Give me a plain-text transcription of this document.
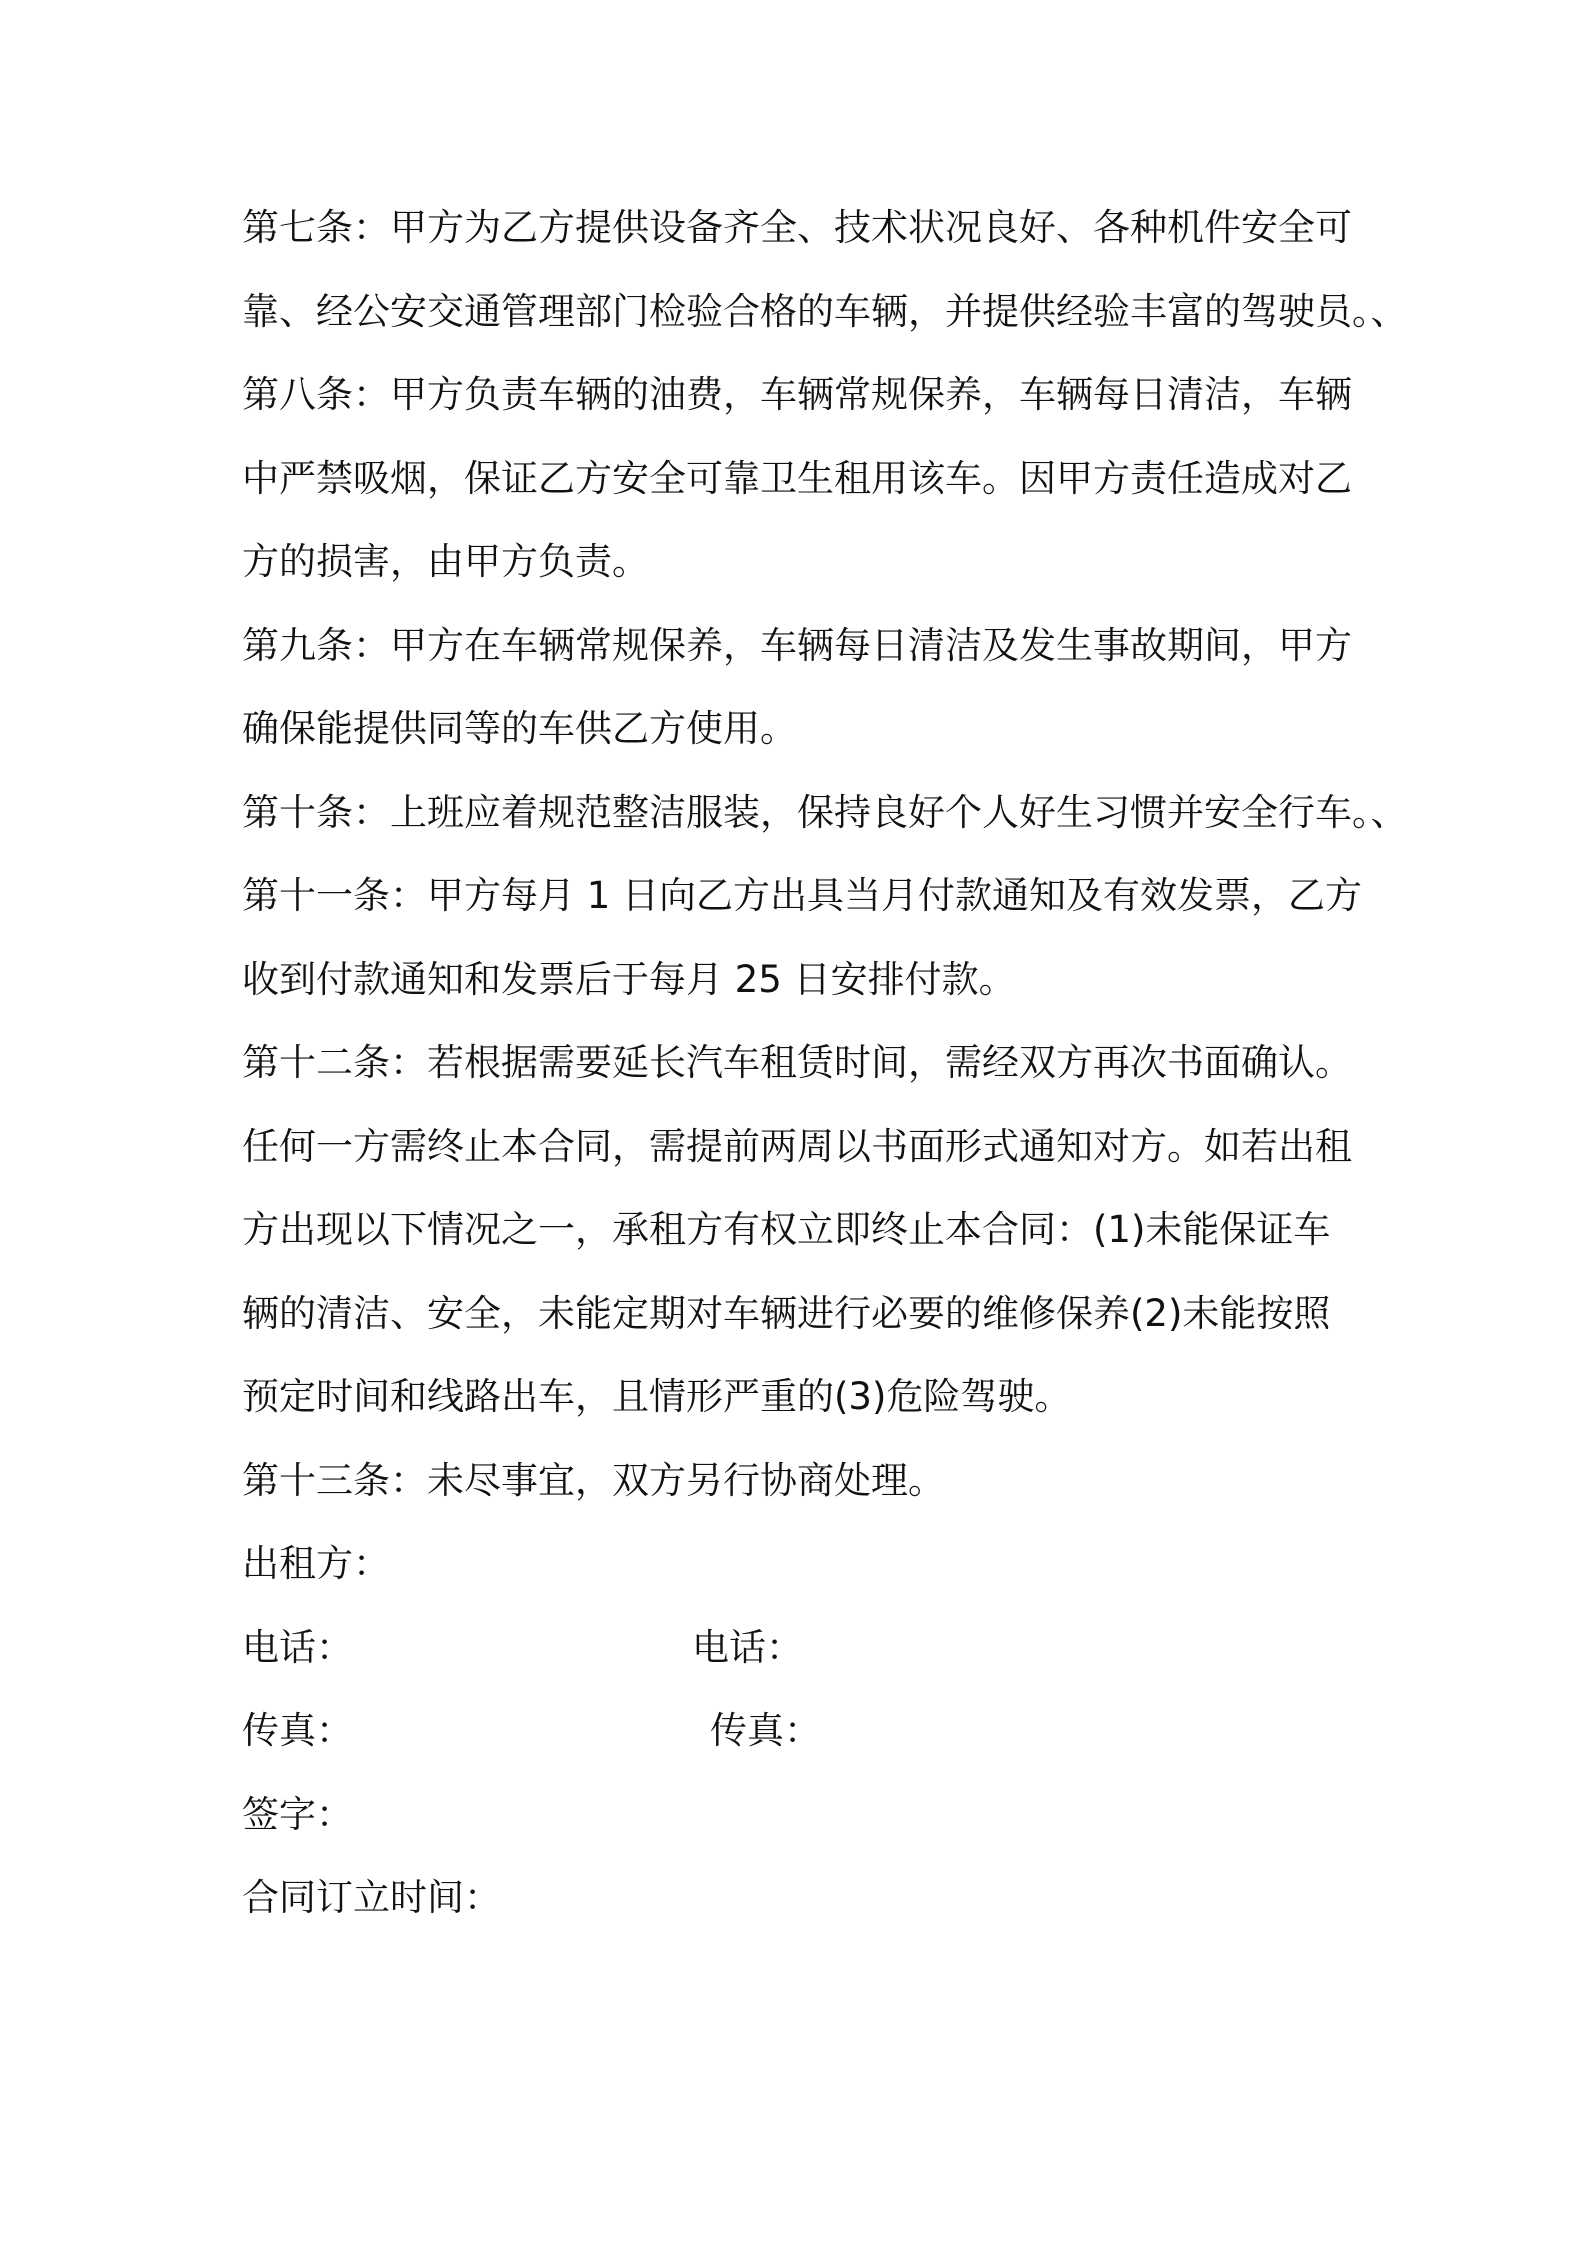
第七条：甲方为乙方提供设备齐全、技术状况良好、各种机件安全可
靠、经公安交通管理部门检验合格的车辆，并提供经验丰富的驾驶员。、
第八条：甲方负责车辆的油费，车辆常规保养，车辆每日清洁，车辆
中严禁吸烟，保证乙方安全可靠卫生租用该车。因甲方责任造成对乙
方的损害，由甲方负责。
第九条：甲方在车辆常规保养，车辆每日清洁及发生事故期间，甲方
确保能提供同等的车供乙方使用。
第十条：上班应着规范整洁服装，保持良好个人好生习惯并安全行车。、
第十一条：甲方每月 1 日向乙方出具当月付款通知及有效发票，乙方
收到付款通知和发票后于每月 25 日安排付款。
第十二条：若根据需要延长汽车租赁时间，需经双方再次书面确认。
任何一方需终止本合同，需提前两周以书面形式通知对方。如若出租
方出现以下情况之一，承租方有权立即终止本合同：(1)未能保证车
辆的清洁、安全，未能定期对车辆进行必要的维修保养(2)未能按照
预定时间和线路出车，且情形严重的(3)危险驾驶。
第十三条：未尽事宜，双方另行协商处理。
出租方：
电话：	电话：
传真：	传真：
签字：
合同订立时间：
